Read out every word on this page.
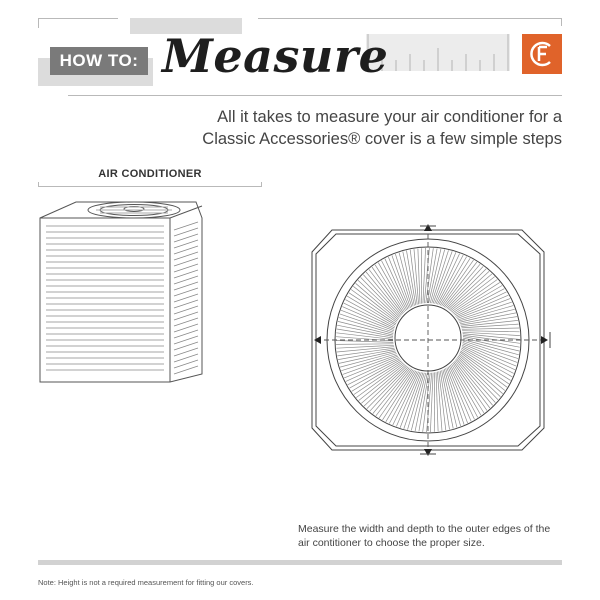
HOW TO: Measure
All it takes to measure your air conditioner for a
Classic Accessories® cover is a few simple steps
AIR CONDITIONER
Measure the width and depth to the outer edges of the
air contitioner to choose the proper size.
Note: Height is not a required measurement for fitting our covers.
